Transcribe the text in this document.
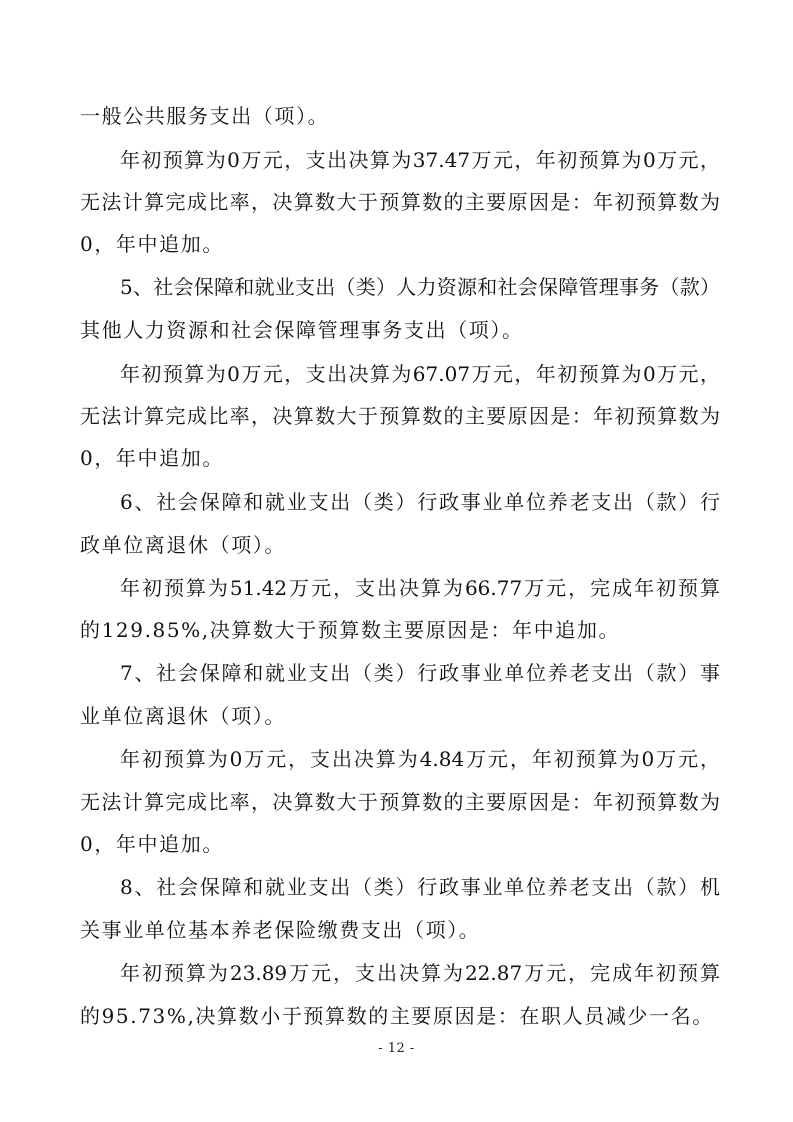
一般公共服务支出（项）。
年初预算为0万元，支出决算为37.47万元，年初预算为0万元，
无法计算完成比率，决算数大于预算数的主要原因是：年初预算数为
0，年中追加。
5、社会保障和就业支出（类）人力资源和社会保障管理事务（款）
其他人力资源和社会保障管理事务支出（项）。
年初预算为0万元，支出决算为67.07万元，年初预算为0万元，
无法计算完成比率，决算数大于预算数的主要原因是：年初预算数为
0，年中追加。
6、社会保障和就业支出（类）行政事业单位养老支出（款）行
政单位离退休（项）。
年初预算为51.42万元，支出决算为66.77万元，完成年初预算
的129.85%,决算数大于预算数主要原因是：年中追加。
7、社会保障和就业支出（类）行政事业单位养老支出（款）事
业单位离退休（项）。
年初预算为0万元，支出决算为4.84万元，年初预算为0万元，
无法计算完成比率，决算数大于预算数的主要原因是：年初预算数为
0，年中追加。
8、社会保障和就业支出（类）行政事业单位养老支出（款）机
关事业单位基本养老保险缴费支出（项）。
年初预算为23.89万元，支出决算为22.87万元，完成年初预算
的95.73%,决算数小于预算数的主要原因是：在职人员减少一名。
- 12 -
